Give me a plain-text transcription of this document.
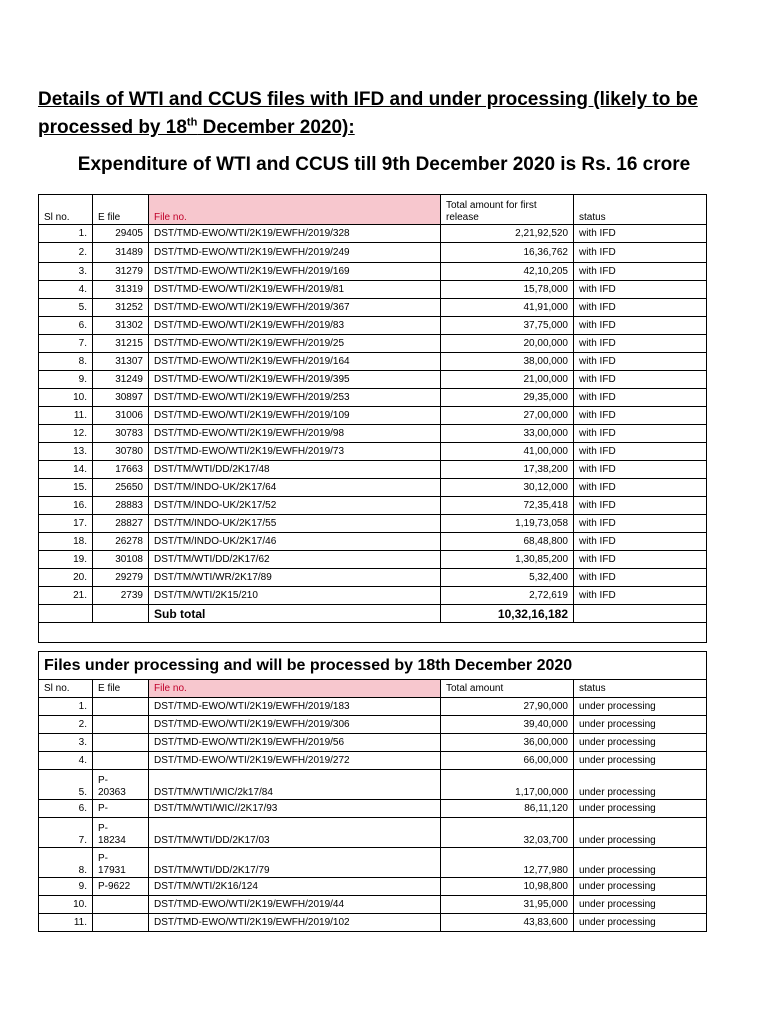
Details of WTI and CCUS files with IFD and under processing (likely to be processed by 18th December 2020):
Expenditure of WTI and CCUS till 9th December 2020 is Rs. 16 crore
Sl no.	E file	File no.	Total amount for first release	status
1.	29405	DST/TMD-EWO/WTI/2K19/EWFH/2019/328	2,21,92,520	with IFD
2.	31489	DST/TMD-EWO/WTI/2K19/EWFH/2019/249	16,36,762	with IFD
3.	31279	DST/TMD-EWO/WTI/2K19/EWFH/2019/169	42,10,205	with IFD
4.	31319	DST/TMD-EWO/WTI/2K19/EWFH/2019/81	15,78,000	with IFD
5.	31252	DST/TMD-EWO/WTI/2K19/EWFH/2019/367	41,91,000	with IFD
6.	31302	DST/TMD-EWO/WTI/2K19/EWFH/2019/83	37,75,000	with IFD
7.	31215	DST/TMD-EWO/WTI/2K19/EWFH/2019/25	20,00,000	with IFD
8.	31307	DST/TMD-EWO/WTI/2K19/EWFH/2019/164	38,00,000	with IFD
9.	31249	DST/TMD-EWO/WTI/2K19/EWFH/2019/395	21,00,000	with IFD
10.	30897	DST/TMD-EWO/WTI/2K19/EWFH/2019/253	29,35,000	with IFD
11.	31006	DST/TMD-EWO/WTI/2K19/EWFH/2019/109	27,00,000	with IFD
12.	30783	DST/TMD-EWO/WTI/2K19/EWFH/2019/98	33,00,000	with IFD
13.	30780	DST/TMD-EWO/WTI/2K19/EWFH/2019/73	41,00,000	with IFD
14.	17663	DST/TM/WTI/DD/2K17/48	17,38,200	with IFD
15.	25650	DST/TM/INDO-UK/2K17/64	30,12,000	with IFD
16.	28883	DST/TM/INDO-UK/2K17/52	72,35,418	with IFD
17.	28827	DST/TM/INDO-UK/2K17/55	1,19,73,058	with IFD
18.	26278	DST/TM/INDO-UK/2K17/46	68,48,800	with IFD
19.	30108	DST/TM/WTI/DD/2K17/62	1,30,85,200	with IFD
20.	29279	DST/TM/WTI/WR/2K17/89	5,32,400	with IFD
21.	2739	DST/TM/WTI/2K15/210	2,72,619	with IFD
		Sub total	10,32,16,182	

Files under processing and will be processed by 18th December 2020				
Sl no.	E file	File no.	Total amount	status
1.		DST/TMD-EWO/WTI/2K19/EWFH/2019/183	27,90,000	under processing
2.		DST/TMD-EWO/WTI/2K19/EWFH/2019/306	39,40,000	under processing
3.		DST/TMD-EWO/WTI/2K19/EWFH/2019/56	36,00,000	under processing
4.		DST/TMD-EWO/WTI/2K19/EWFH/2019/272	66,00,000	under processing
5.	P-
20363	DST/TM/WTI/WIC/2k17/84	1,17,00,000	under processing
6.	P-	DST/TM/WTI/WIC//2K17/93	86,11,120	under processing
7.	P-
18234	DST/TM/WTI/DD/2K17/03	32,03,700	under processing
8.	P-
17931	DST/TM/WTI/DD/2K17/79	12,77,980	under processing
9.	P-9622	DST/TM/WTI/2K16/124	10,98,800	under processing
10.		DST/TMD-EWO/WTI/2K19/EWFH/2019/44	31,95,000	under processing
11.		DST/TMD-EWO/WTI/2K19/EWFH/2019/102	43,83,600	under processing
